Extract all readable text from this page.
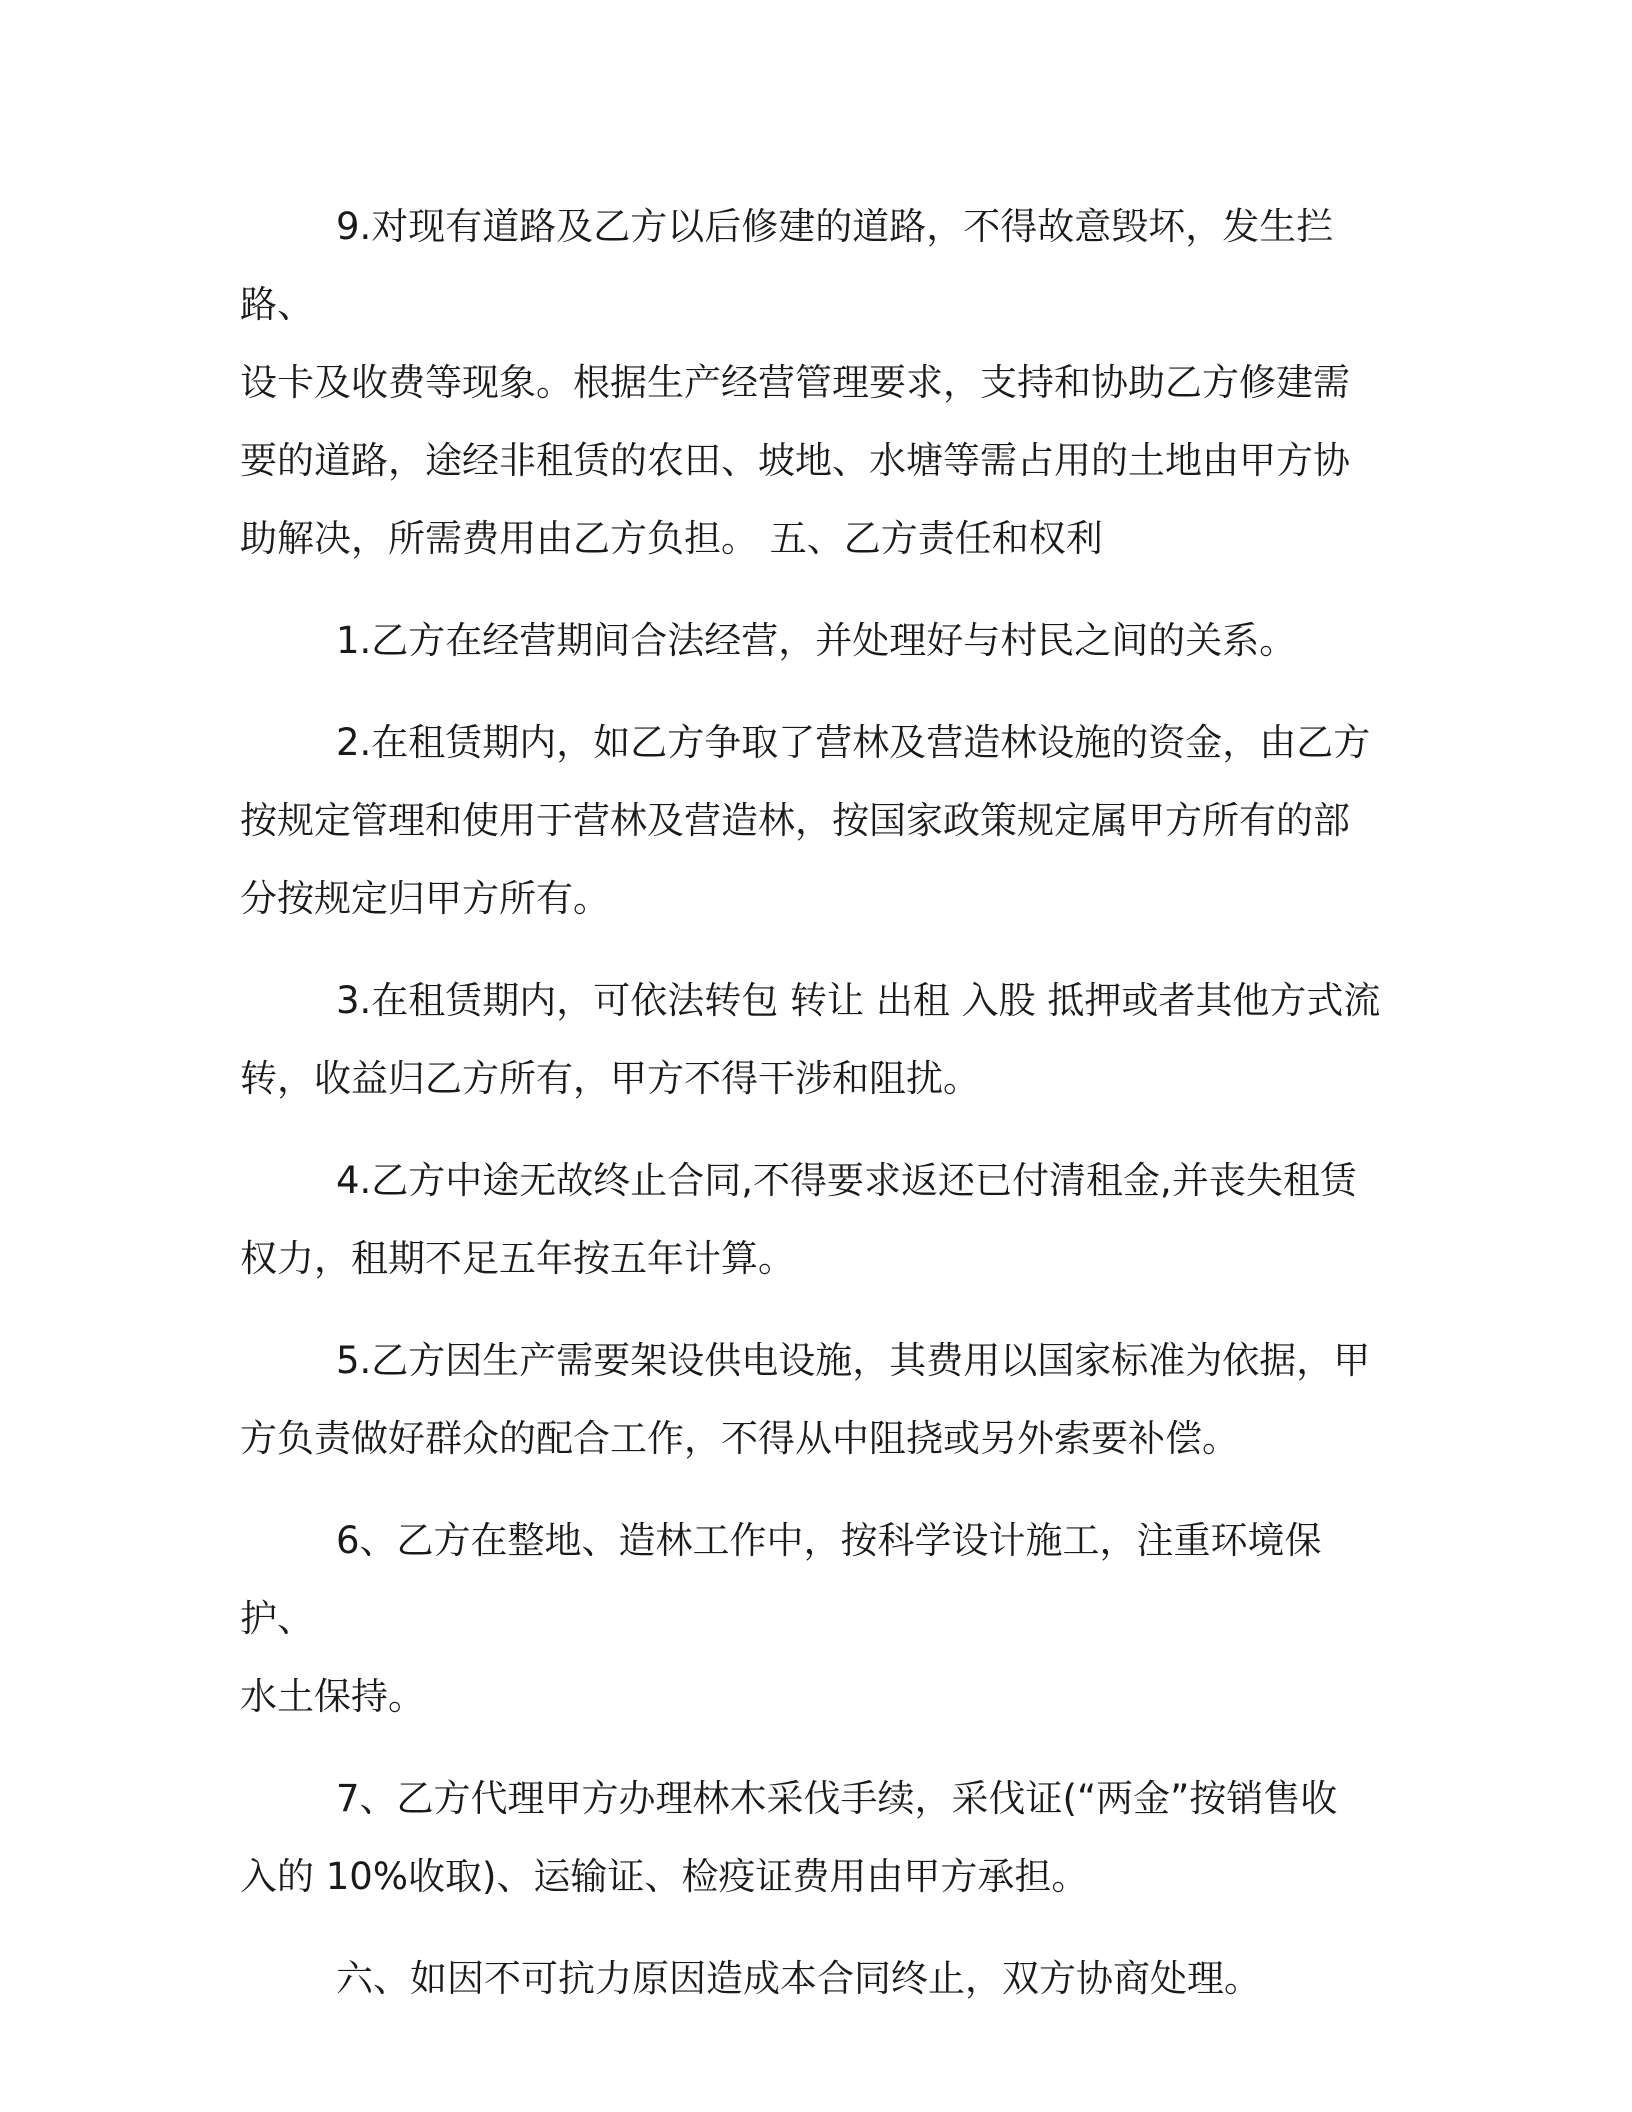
9.对现有道路及乙方以后修建的道路，不得故意毁坏，发生拦路、
设卡及收费等现象。根据生产经营管理要求，支持和协助乙方修建需
要的道路，途经非租赁的农田、坡地、水塘等需占用的土地由甲方协
助解决，所需费用由乙方负担。 五、乙方责任和权利
1.乙方在经营期间合法经营，并处理好与村民之间的关系。
2.在租赁期内，如乙方争取了营林及营造林设施的资金，由乙方
按规定管理和使用于营林及营造林，按国家政策规定属甲方所有的部
分按规定归甲方所有。
3.在租赁期内，可依法转包 转让 出租 入股 抵押或者其他方式流
转，收益归乙方所有，甲方不得干涉和阻扰。
4.乙方中途无故终止合同,不得要求返还已付清租金,并丧失租赁
权力，租期不足五年按五年计算。
5.乙方因生产需要架设供电设施，其费用以国家标准为依据，甲
方负责做好群众的配合工作，不得从中阻挠或另外索要补偿。
6、乙方在整地、造林工作中，按科学设计施工，注重环境保护、
水土保持。
7、乙方代理甲方办理林木采伐手续，采伐证(“两金”按销售收
入的 10%收取)、运输证、检疫证费用由甲方承担。
六、如因不可抗力原因造成本合同终止，双方协商处理。
